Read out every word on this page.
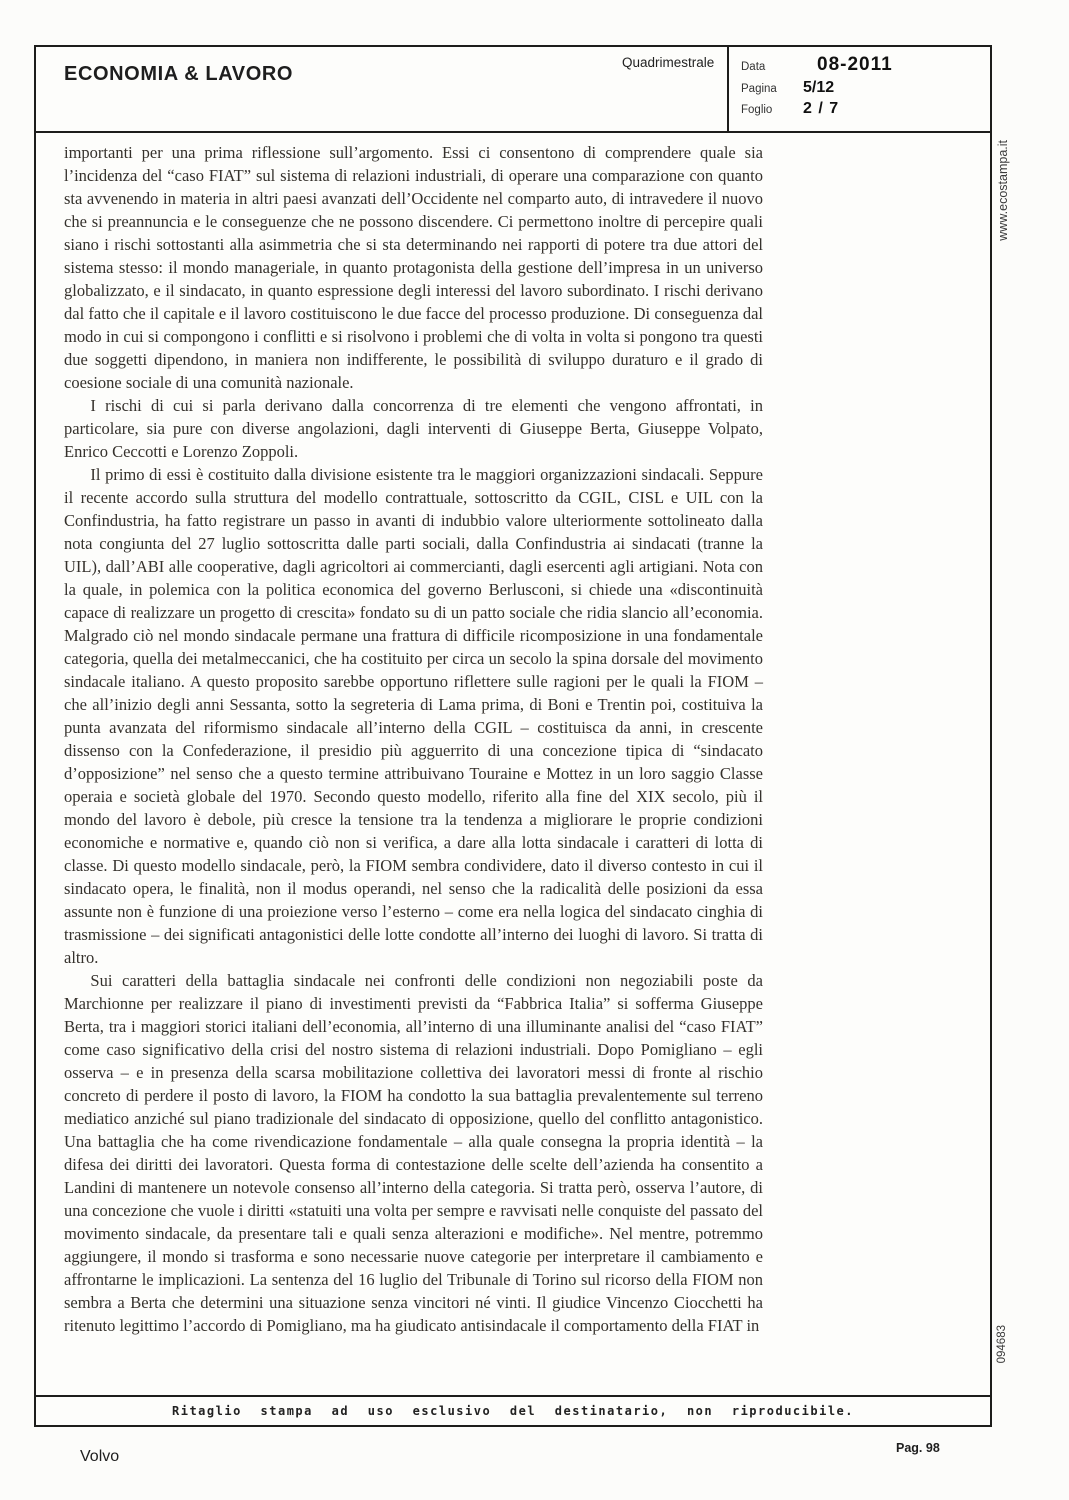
ECONOMIA & LAVORO
Quadrimestrale Data	08-2011
Pagina	5/12
Foglio	2 / 7

importanti per una prima riflessione sull’argomento. Essi ci consentono di comprendere quale sia l’incidenza del “caso FIAT” sul sistema di relazioni industriali, di operare una comparazione con quanto sta avvenendo in materia in altri paesi avanzati dell’Occidente nel comparto auto, di intravedere il nuovo che si preannuncia e le conseguenze che ne possono discendere. Ci permettono inoltre di percepire quali siano i rischi sottostanti alla asimmetria che si sta determinando nei rapporti di potere tra due attori del sistema stesso: il mondo manageriale, in quanto protagonista della gestione dell’impresa in un universo globalizzato, e il sindacato, in quanto espressione degli interessi del lavoro subordinato. I rischi derivano dal fatto che il capitale e il lavoro costituiscono le due facce del processo produzione. Di conseguenza dal modo in cui si compongono i conflitti e si risolvono i problemi che di volta in volta si pongono tra questi due soggetti dipendono, in maniera non indifferente, le possibilità di sviluppo duraturo e il grado di coesione sociale di una comunità nazionale.

I rischi di cui si parla derivano dalla concorrenza di tre elementi che vengono affrontati, in particolare, sia pure con diverse angolazioni, dagli interventi di Giuseppe Berta, Giuseppe Volpato, Enrico Ceccotti e Lorenzo Zoppoli.

Il primo di essi è costituito dalla divisione esistente tra le maggiori organizzazioni sindacali. Seppure il recente accordo sulla struttura del modello contrattuale, sottoscritto da CGIL, CISL e UIL con la Confindustria, ha fatto registrare un passo in avanti di indubbio valore ulteriormente sottolineato dalla nota congiunta del 27 luglio sottoscritta dalle parti sociali, dalla Confindustria ai sindacati (tranne la UIL), dall’ABI alle cooperative, dagli agricoltori ai commercianti, dagli esercenti agli artigiani. Nota con la quale, in polemica con la politica economica del governo Berlusconi, si chiede una «discontinuità capace di realizzare un progetto di crescita» fondato su di un patto sociale che ridia slancio all’economia. Malgrado ciò nel mondo sindacale permane una frattura di difficile ricomposizione in una fondamentale categoria, quella dei metalmeccanici, che ha costituito per circa un secolo la spina dorsale del movimento sindacale italiano. A questo proposito sarebbe opportuno riflettere sulle ragioni per le quali la FIOM – che all’inizio degli anni Sessanta, sotto la segreteria di Lama prima, di Boni e Trentin poi, costituiva la punta avanzata del riformismo sindacale all’interno della CGIL – costituisca da anni, in crescente dissenso con la Confederazione, il presidio più agguerrito di una concezione tipica di “sindacato d’opposizione” nel senso che a questo termine attribuivano Touraine e Mottez in un loro saggio Classe operaia e società globale del 1970. Secondo questo modello, riferito alla fine del XIX secolo, più il mondo del lavoro è debole, più cresce la tensione tra la tendenza a migliorare le proprie condizioni economiche e normative e, quando ciò non si verifica, a dare alla lotta sindacale i caratteri di lotta di classe. Di questo modello sindacale, però, la FIOM sembra condividere, dato il diverso contesto in cui il sindacato opera, le finalità, non il modus operandi, nel senso che la radicalità delle posizioni da essa assunte non è funzione di una proiezione verso l’esterno – come era nella logica del sindacato cinghia di trasmissione – dei significati antagonistici delle lotte condotte all’interno dei luoghi di lavoro. Si tratta di altro.

Sui caratteri della battaglia sindacale nei confronti delle condizioni non negoziabili poste da Marchionne per realizzare il piano di investimenti previsti da “Fabbrica Italia” si sofferma Giuseppe Berta, tra i maggiori storici italiani dell’economia, all’interno di una illuminante analisi del “caso FIAT” come caso significativo della crisi del nostro sistema di relazioni industriali. Dopo Pomigliano – egli osserva – e in presenza della scarsa mobilitazione collettiva dei lavoratori messi di fronte al rischio concreto di perdere il posto di lavoro, la FIOM ha condotto la sua battaglia prevalentemente sul terreno mediatico anziché sul piano tradizionale del sindacato di opposizione, quello del conflitto antagonistico. Una battaglia che ha come rivendicazione fondamentale – alla quale consegna la propria identità – la difesa dei diritti dei lavoratori. Questa forma di contestazione delle scelte dell’azienda ha consentito a Landini di mantenere un notevole consenso all’interno della categoria. Si tratta però, osserva l’autore, di una concezione che vuole i diritti «statuiti una volta per sempre e ravvisati nelle conquiste del passato del movimento sindacale, da presentare tali e quali senza alterazioni e modifiche». Nel mentre, potremmo aggiungere, il mondo si trasforma e sono necessarie nuove categorie per interpretare il cambiamento e affrontarne le implicazioni. La sentenza del 16 luglio del Tribunale di Torino sul ricorso della FIOM non sembra a Berta che determini una situazione senza vincitori né vinti. Il giudice Vincenzo Ciocchetti ha ritenuto legittimo l’accordo di Pomigliano, ma ha giudicato antisindacale il comportamento della FIAT in

Ritaglio stampa ad uso esclusivo del destinatario, non riproducibile.
www.ecostampa.it
094683
Volvo	Pag. 98
